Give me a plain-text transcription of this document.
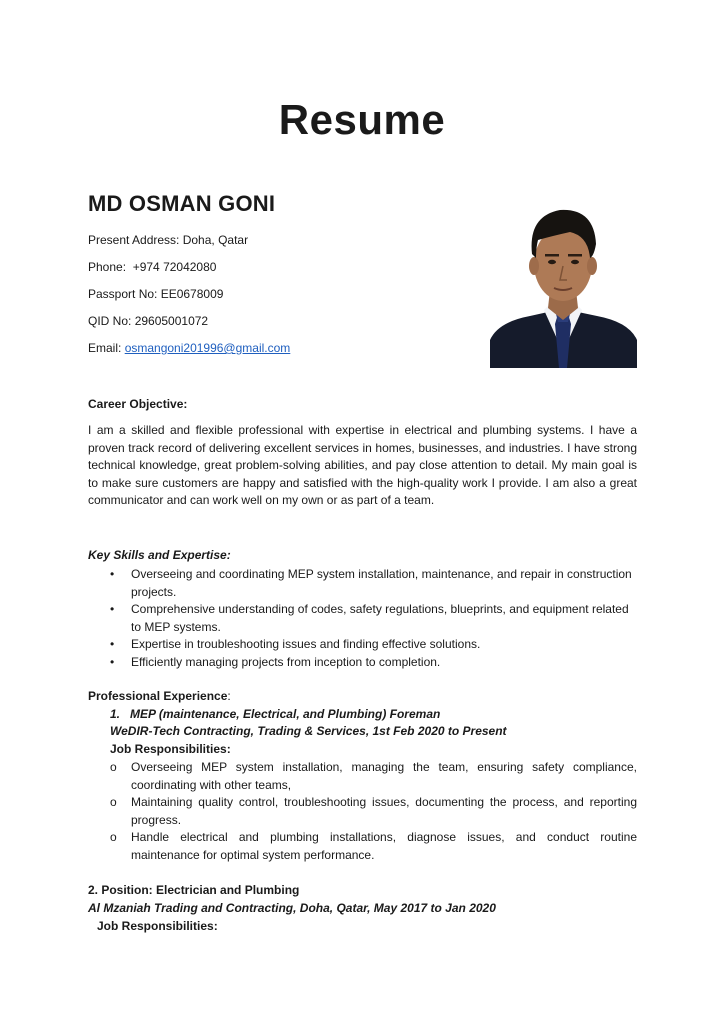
Resume
MD OSMAN GONI
Present Address: Doha, Qatar
Phone:  +974 72042080
Passport No: EE0678009
QID No: 29605001072
Email: osmangoni201996@gmail.com
Career Objective:
I am a skilled and flexible professional with expertise in electrical and plumbing systems. I have a proven track record of delivering excellent services in homes, businesses, and industries. I have strong technical knowledge, great problem-solving abilities, and pay close attention to detail. My main goal is to make sure customers are happy and satisfied with the high-quality work I provide. I am also a great communicator and can work well on my own or as part of a team.
Key Skills and Expertise:
• Overseeing and coordinating MEP system installation, maintenance, and repair in construction projects.
• Comprehensive understanding of codes, safety regulations, blueprints, and equipment related to MEP systems.
• Expertise in troubleshooting issues and finding effective solutions.
• Efficiently managing projects from inception to completion.
Professional Experience:
1. MEP (maintenance, Electrical, and Plumbing) Foreman
WeDIR-Tech Contracting, Trading & Services, 1st Feb 2020 to Present
Job Responsibilities:
o Overseeing MEP system installation, managing the team, ensuring safety compliance, coordinating with other teams,
o Maintaining quality control, troubleshooting issues, documenting the process, and reporting progress.
o Handle electrical and plumbing installations, diagnose issues, and conduct routine maintenance for optimal system performance.
2. Position: Electrician and Plumbing
Al Mzaniah Trading and Contracting, Doha, Qatar, May 2017 to Jan 2020
Job Responsibilities:
